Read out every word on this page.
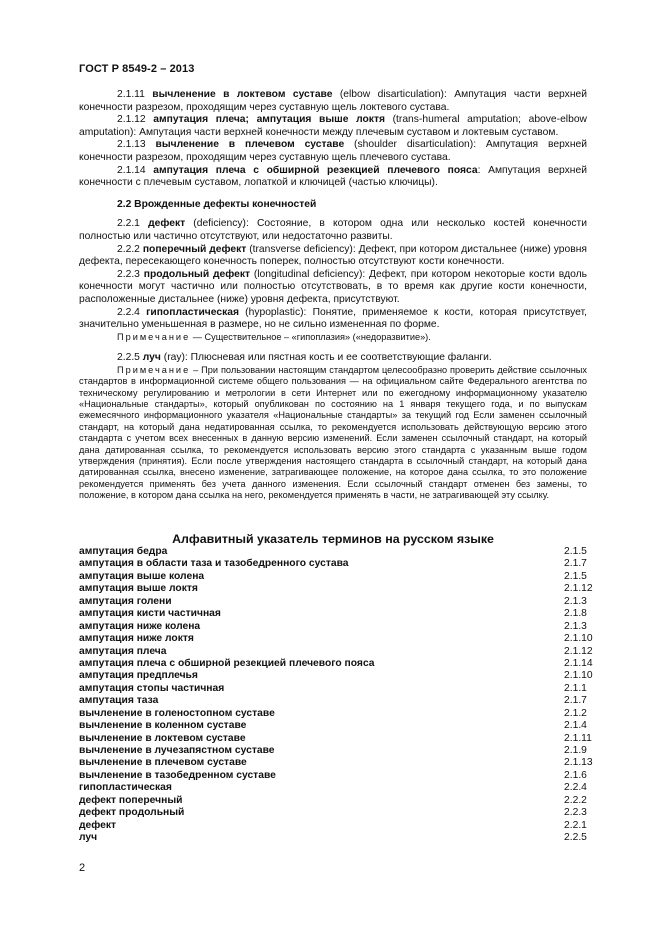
ГОСТ Р 8549-2 – 2013

2.1.11 вычленение в локтевом суставе (elbow disarticulation): Ампутация части верхней конечности разрезом, проходящим через суставную щель локтевого сустава.

2.1.12 ампутация плеча; ампутация выше локтя (trans-humeral amputation; above-elbow amputation): Ампутация части верхней конечности между плечевым суставом и локтевым суставом.

2.1.13 вычленение в плечевом суставе (shoulder disarticulation): Ампутация верхней конечности разрезом, проходящим через суставную щель плечевого сустава.

2.1.14 ампутация плеча с обширной резекцией плечевого пояса: Ампутация верхней конечности с плечевым суставом, лопаткой и ключицей (частью ключицы).

2.2 Врожденные дефекты конечностей

2.2.1 дефект (deficiency): Состояние, в котором одна или несколько костей конечности полностью или частично отсутствуют, или недостаточно развиты.

2.2.2 поперечный дефект (transverse deficiency): Дефект, при котором дистальнее (ниже) уровня дефекта, пересекающего конечность поперек, полностью отсутствуют кости конечности.

2.2.3 продольный дефект (longitudinal deficiency): Дефект, при котором некоторые кости вдоль конечности могут частично или полностью отсутствовать, в то время как другие кости конечности, расположенные дистальнее (ниже) уровня дефекта, присутствуют.

2.2.4 гипопластическая (hypoplastic): Понятие, применяемое к кости, которая присутствует, значительно уменьшенная в размере, но не сильно измененная по форме.

Примечание — Существительное – «гипоплазия» («недоразвитие»).

2.2.5 луч (ray): Плюсневая или пястная кость и ее соответствующие фаланги.

Примечание – При пользовании настоящим стандартом целесообразно проверить действие ссылочных стандартов в информационной системе общего пользования — на официальном сайте Федерального агентства по техническому регулированию и метрологии в сети Интернет или по ежегодному информационному указателю «Национальные стандарты», который опубликован по состоянию на 1 января текущего года, и по выпускам ежемесячного информационного указателя «Национальные стандарты» за текущий год Если заменен ссылочный стандарт, на который дана недатированная ссылка, то рекомендуется использовать действующую версию этого стандарта с учетом всех внесенных в данную версию изменений. Если заменен ссылочный стандарт, на который дана датированная ссылка, то рекомендуется использовать версию этого стандарта с указанным выше годом утверждения (принятия). Если после утверждения настоящего стандарта в ссылочный стандарт, на который дана датированная ссылка, внесено изменение, затрагивающее положение, на которое дана ссылка, то это положение рекомендуется применять без учета данного изменения. Если ссылочный стандарт отменен без замены, то положение, в котором дана ссылка на него, рекомендуется применять в части, не затрагивающей эту ссылку.

Алфавитный указатель терминов на русском языке
ампутация бедра	2.1.5
ампутация в области таза и тазобедренного сустава	2.1.7
ампутация выше колена	2.1.5
ампутация выше локтя	2.1.12
ампутация голени	2.1.3
ампутация кисти частичная	2.1.8
ампутация ниже колена	2.1.3
ампутация ниже локтя	2.1.10
ампутация плеча	2.1.12
ампутация плеча с обширной резекцией плечевого пояса	2.1.14
ампутация предплечья	2.1.10
ампутация стопы частичная	2.1.1
ампутация таза	2.1.7
вычленение в голеностопном суставе	2.1.2
вычленение в коленном суставе	2.1.4
вычленение в локтевом суставе	2.1.11
вычленение в лучезапястном суставе	2.1.9
вычленение в плечевом суставе	2.1.13
вычленение в тазобедренном суставе	2.1.6
гипопластическая	2.2.4
дефект поперечный	2.2.2
дефект продольный	2.2.3
дефект	2.2.1
луч	2.2.5
2
